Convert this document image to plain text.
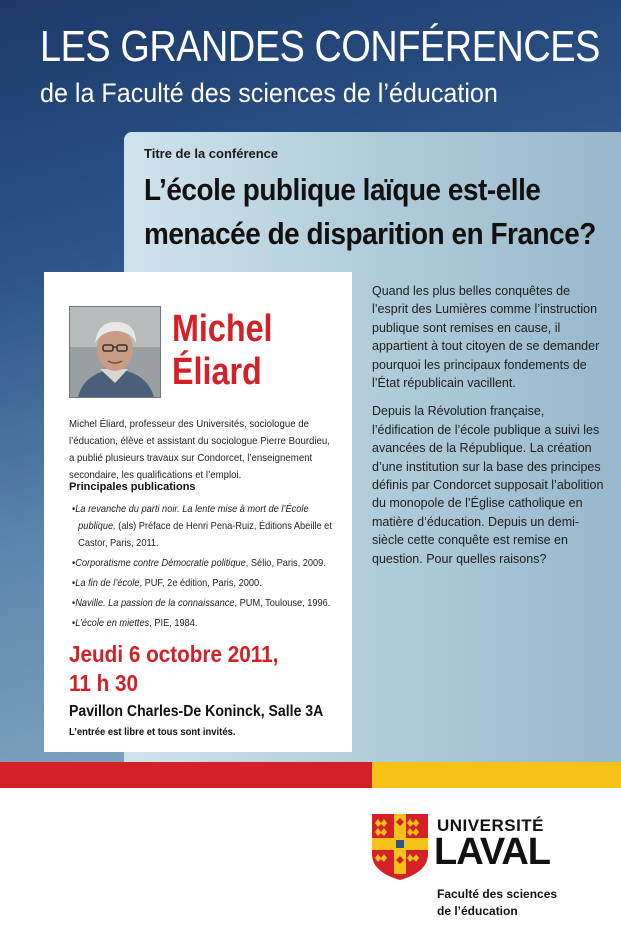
LES GRANDES CONFÉRENCES
de la Faculté des sciences de l’éducation
Titre de la conférence
L’école publique laïque est-elle
menacée de disparition en France?
Michel
Éliard
Michel Éliard, professeur des Universités, sociologue de l’éducation, élève et assistant du sociologue Pierre Bourdieu, a publié plusieurs travaux sur Condorcet, l’enseignement secondaire, les qualifications et l’emploi.
Principales publications
• La revanche du parti noir. La lente mise à mort de l’École publique, (als) Préface de Henri Pena-Ruiz, Éditions Abeille et Castor, Paris, 2011.
• Corporatisme contre Démocratie politique, Sélio, Paris, 2009.
• La fin de l’école, PUF, 2e édition, Paris, 2000.
• Naville. La passion de la connaissance, PUM, Toulouse, 1996.
• L’école en miettes, PIE, 1984.
Jeudi 6 octobre 2011,
11 h 30
Pavillon Charles-De Koninck, Salle 3A
L’entrée est libre et tous sont invités.

Quand les plus belles conquêtes de l’esprit des Lumières comme l’instruction publique sont remises en cause, il appartient à tout citoyen de se demander pourquoi les principaux fondements de l’État républicain vacillent.

Depuis la Révolution française, l’édification de l’école publique a suivi les avancées de la République. La création d’une institution sur la base des principes définis par Condorcet supposait l’abolition du monopole de l’Église catholique en matière d’éducation. Depuis un demi-siècle cette conquête est remise en question. Pour quelles raisons?

UNIVERSITÉ
LAVAL
Faculté des sciences
de l’éducation
